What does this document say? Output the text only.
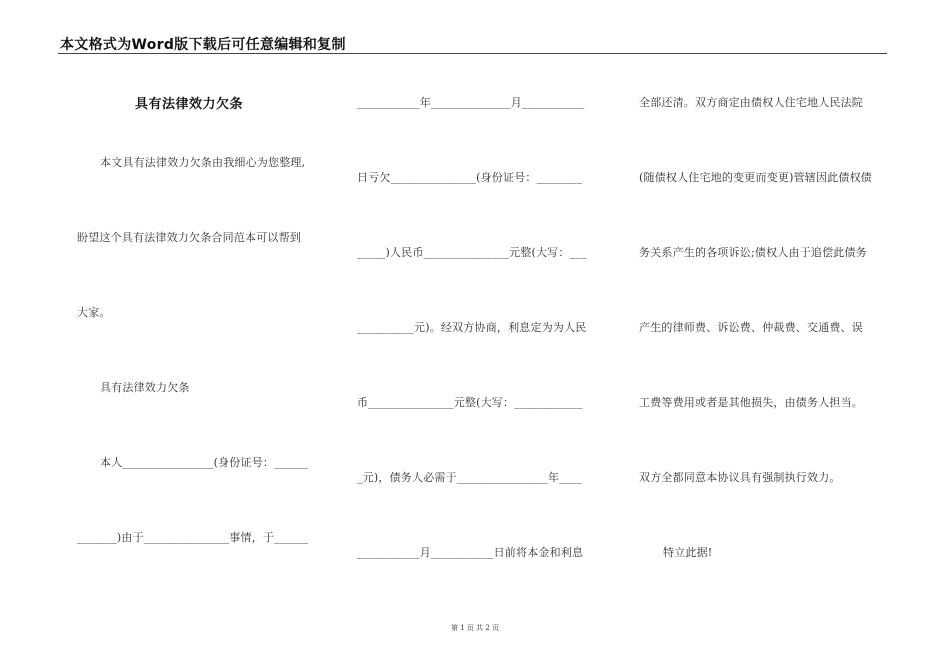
本文格式为Word版下载后可任意编辑和复制
具有法律效力欠条
本文具有法律效力欠条由我细心为您整理,
盼望这个具有法律效力欠条合同范本可以帮到
大家。
具有法律效力欠条
本人________________(身份证号：______
_______)由于_______________事情，于______
___________年______________月___________
日亏欠_______________(身份证号：________
_____)人民币_______________元整(大写：___
__________元)。经双方协商，利息定为为人民
币_______________元整(大写：____________
_元)，债务人必需于________________年____
___________月___________日前将本金和利息
全部还清。双方商定由债权人住宅地人民法院
(随债权人住宅地的变更而变更)管辖因此债权债
务关系产生的各项诉讼;债权人由于追偿此债务
产生的律师费、诉讼费、仲裁费、交通费、误
工费等费用或者是其他损失，由债务人担当。
双方全都同意本协议具有强制执行效力。
特立此据!
第 1 页 共 2 页
